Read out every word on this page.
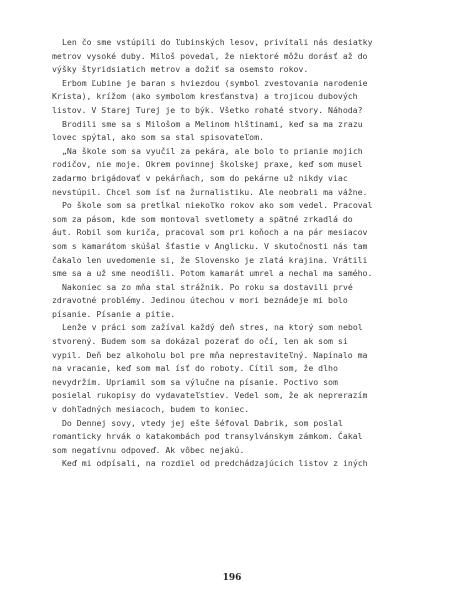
Len čo sme vstúpili do ľubinských lesov, privítali nás desiatky
metrov vysoké duby. Miloš povedal, že niektoré môžu dorásť až do
výšky štyridsiatich metrov a dožiť sa osemsto rokov.
Erbom Ľubine je baran s hviezdou (symbol zvestovania narodenie
Krista), krížom (ako symbolom kresťanstva) a trojicou dubových
listov. V Starej Turej je to býk. Všetko rohaté stvory. Náhoda?
Brodili sme sa s Milošom a Melinom hlštinami, keď sa ma zrazu
lovec spýtal, ako som sa stal spisovateľom.
„Na škole som sa vyučil za pekára, ale bolo to prianie mojich
rodičov, nie moje. Okrem povinnej školskej praxe, keď som musel
zadarmo brigádovať v pekárňach, som do pekárne už nikdy viac
nevstúpil. Chcel som ísť na žurnalistiku. Ale neobrali ma vážne.
Po škole som sa pretĺkal niekoľko rokov ako som vedel. Pracoval
som za pásom, kde som montoval svetlomety a spätné zrkadlá do
áut. Robil som kuriča, pracoval som pri koňoch a na pár mesiacov
som s kamarátom skúšal šťastie v Anglicku. V skutočnosti nás tam
čakalo len uvedomenie si, že Slovensko je zlatá krajina. Vrátili
sme sa a už sme neodišli. Potom kamarát umrel a nechal ma samého.
Nakoniec sa zo mňa stal strážnik. Po roku sa dostavili prvé
zdravotné problémy. Jedinou útechou v mori beznádeje mi bolo
písanie. Písanie a pitie.
Lenže v práci som zažíval každý deň stres, na ktorý som nebol
stvorený. Budem som sa dokázal pozerať do očí, len ak som si
vypil. Deň bez alkoholu bol pre mňa neprestaviteľný. Napínalo ma
na vracanie, keď som mal ísť do roboty. Cítil som, že dlho
nevydržím. Upriamil som sa výlučne na písanie. Poctivo som
posielal rukopisy do vydavateľstiev. Vedel som, že ak neprerazím
v dohľadných mesiacoch, budem to koniec.
Do Dennej sovy, vtedy jej ešte šéfoval Dabrik, som poslal
romanticky hrvák o katakombách pod transylvánskym zámkom. Čakal
som negatívnu odpoveď. Ak vôbec nejakú.
Keď mi odpísali, na rozdiel od predchádzajúcich listov z iných
196
